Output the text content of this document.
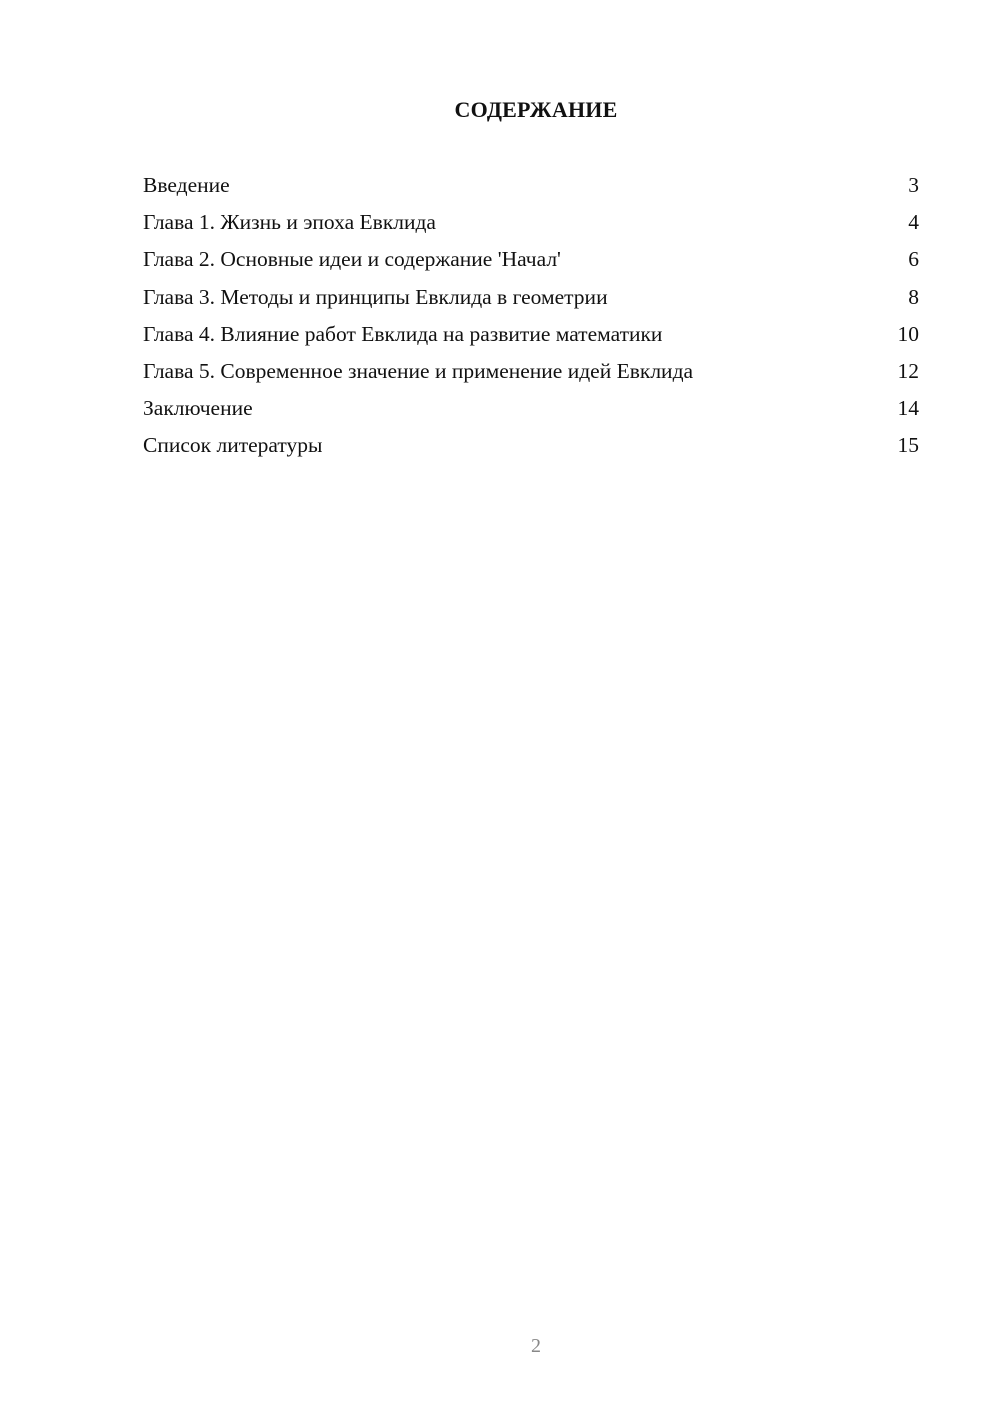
СОДЕРЖАНИЕ
Введение	3
Глава 1. Жизнь и эпоха Евклида	4
Глава 2. Основные идеи и содержание 'Начал'	6
Глава 3. Методы и принципы Евклида в геометрии	8
Глава 4. Влияние работ Евклида на развитие математики	10
Глава 5. Современное значение и применение идей Евклида	12
Заключение	14
Список литературы	15
2
